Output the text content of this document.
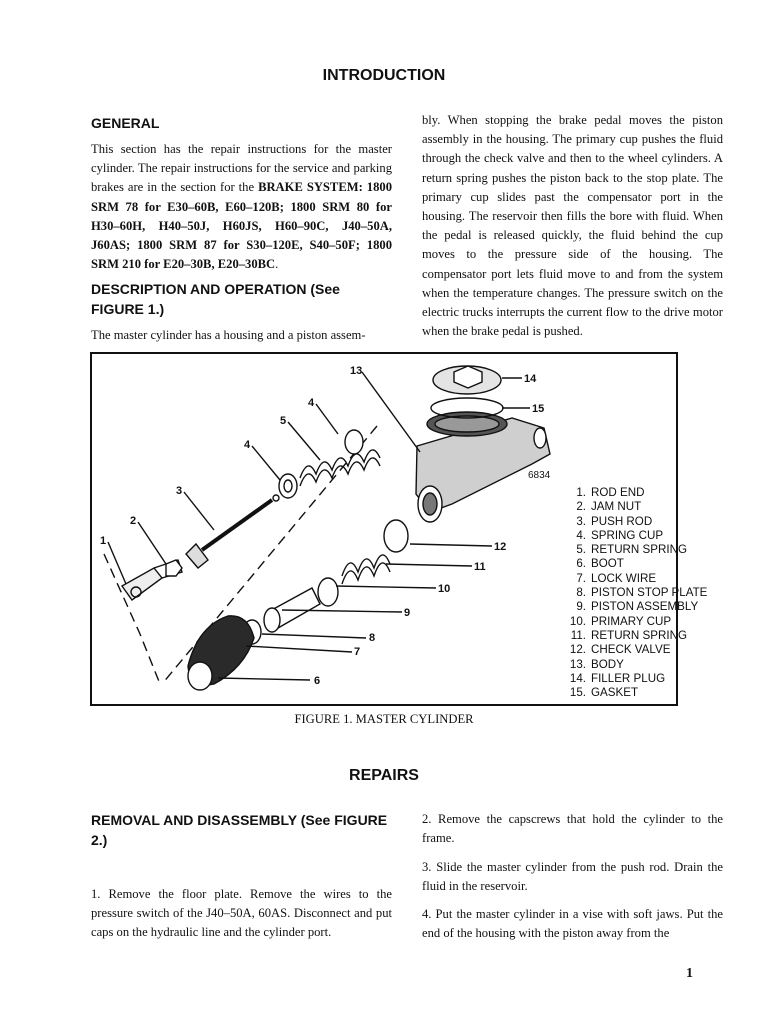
INTRODUCTION
GENERAL
This section has the repair instructions for the master cylinder. The repair instructions for the service and parking brakes are in the section for the BRAKE SYSTEM: 1800 SRM 78 for E30–60B, E60–120B; 1800 SRM 80 for H30–60H, H40–50J, H60JS, H60–90C, J40–50A, J60AS; 1800 SRM 87 for S30–120E, S40–50F; 1800 SRM 210 for E20–30B, E20–30BC.
DESCRIPTION AND OPERATION (See FIGURE 1.)
The master cylinder has a housing and a piston assem-
bly. When stopping the brake pedal moves the piston assembly in the housing. The primary cup pushes the fluid through the check valve and then to the wheel cylinders. A return spring pushes the piston back to the stop plate. The primary cup slides past the compensator port in the housing. The reservoir then fills the bore with fluid. When the pedal is released quickly, the fluid behind the cup moves to the pressure side of the housing. The compensator port lets fluid move to and from the system when the temperature changes. The pressure switch on the electric trucks interrupts the current flow to the drive motor when the brake pedal is pushed.
1
2
3
4
4
5
6
7
8
9
10
11
12
13
14
15
6834
1. ROD END
2. JAM NUT
3. PUSH ROD
4. SPRING CUP
5. RETURN SPRING
6. BOOT
7. LOCK WIRE
8. PISTON STOP PLATE
9. PISTON ASSEMBLY
10. PRIMARY CUP
11. RETURN SPRING
12. CHECK VALVE
13. BODY
14. FILLER PLUG
15. GASKET
FIGURE 1. MASTER CYLINDER
REPAIRS
REMOVAL AND DISASSEMBLY (See FIGURE 2.)
1. Remove the floor plate. Remove the wires to the pressure switch of the J40–50A, 60AS. Disconnect and put caps on the hydraulic line and the cylinder port.
2. Remove the capscrews that hold the cylinder to the frame.
3. Slide the master cylinder from the push rod. Drain the fluid in the reservoir.
4. Put the master cylinder in a vise with soft jaws. Put the end of the housing with the piston away from the
1
